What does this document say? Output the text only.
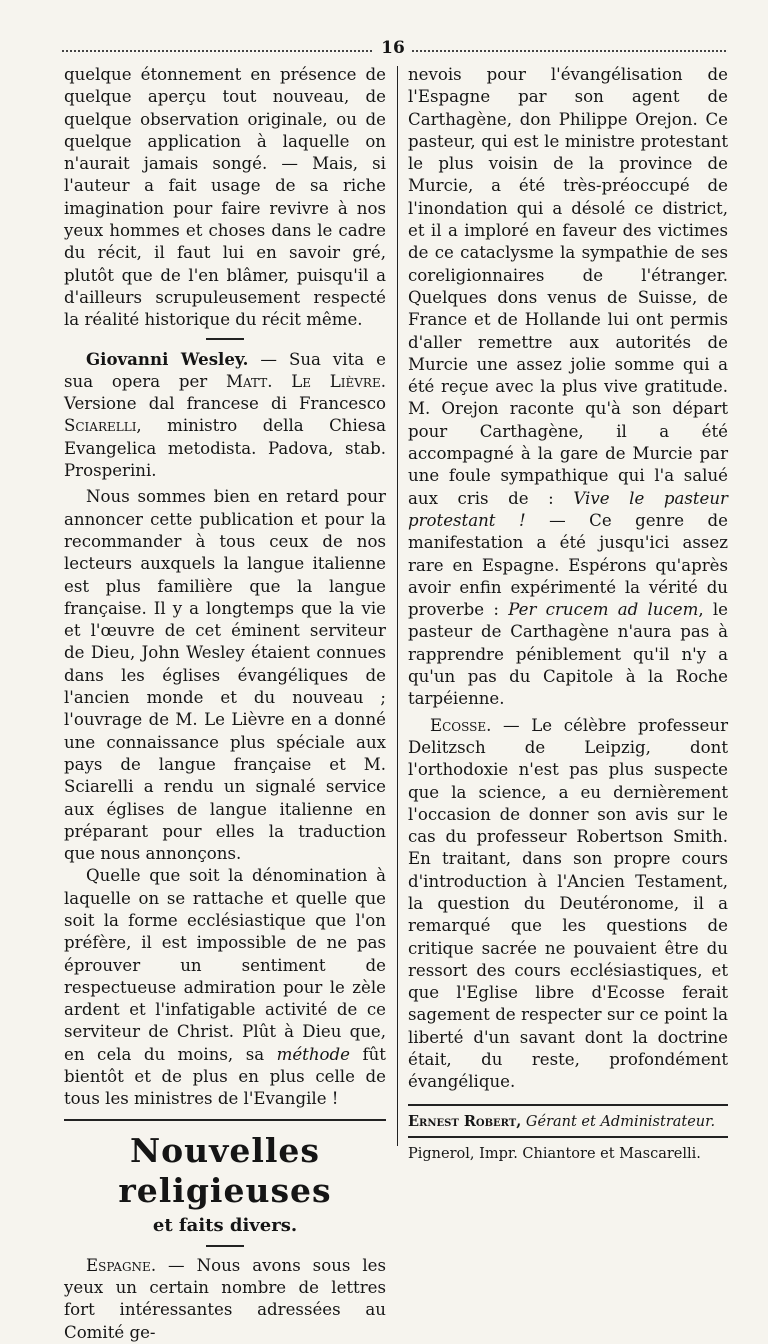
16

quelque étonnement en présence de quelque aperçu tout nouveau, de quelque observation originale, ou de quelque application à laquelle on n'aurait jamais songé. — Mais, si l'auteur a fait usage de sa riche imagination pour faire revivre à nos yeux hommes et choses dans le cadre du récit, il faut lui en savoir gré, plutôt que de l'en blâmer, puisqu'il a d'ailleurs scrupuleusement respecté la réalité historique du récit même.

Giovanni Wesley. — Sua vita e sua opera per Matt. Le Lièvre. Versione dal francese di Francesco Sciarelli, ministro della Chiesa Evangelica metodista. Padova, stab. Prosperini.

Nous sommes bien en retard pour annoncer cette publication et pour la recommander à tous ceux de nos lecteurs auxquels la langue italienne est plus familière que la langue française. Il y a longtemps que la vie et l'œuvre de cet éminent serviteur de Dieu, John Wesley étaient connues dans les églises évangéliques de l'ancien monde et du nouveau ; l'ouvrage de M. Le Lièvre en a donné une connaissance plus spéciale aux pays de langue française et M. Sciarelli a rendu un signalé service aux églises de langue italienne en préparant pour elles la traduction que nous annonçons.

Quelle que soit la dénomination à laquelle on se rattache et quelle que soit la forme ecclésiastique que l'on préfère, il est impossible de ne pas éprouver un sentiment de respectueuse admiration pour le zèle ardent et l'infatigable activité de ce serviteur de Christ. Plût à Dieu que, en cela du moins, sa méthode fût bientôt et de plus en plus celle de tous les ministres de l'Evangile !

Nouvelles religieuses
et faits divers.

Espagne. — Nous avons sous les yeux un certain nombre de lettres fort intéressantes adressées au Comité ge-

nevois pour l'évangélisation de l'Espagne par son agent de Carthagène, don Philippe Orejon. Ce pasteur, qui est le ministre protestant le plus voisin de la province de Murcie, a été très-préoccupé de l'inondation qui a désolé ce district, et il a imploré en faveur des victimes de ce cataclysme la sympathie de ses coreligionnaires de l'étranger. Quelques dons venus de Suisse, de France et de Hollande lui ont permis d'aller remettre aux autorités de Murcie une assez jolie somme qui a été reçue avec la plus vive gratitude. M. Orejon raconte qu'à son départ pour Carthagène, il a été accompagné à la gare de Murcie par une foule sympathique qui l'a salué aux cris de : Vive le pasteur protestant ! — Ce genre de manifestation a été jusqu'ici assez rare en Espagne. Espérons qu'après avoir enfin expérimenté la vérité du proverbe : Per crucem ad lucem, le pasteur de Carthagène n'aura pas à rapprendre péniblement qu'il n'y a qu'un pas du Capitole à la Roche tarpéienne.

Ecosse. — Le célèbre professeur Delitzsch de Leipzig, dont l'orthodoxie n'est pas plus suspecte que la science, a eu dernièrement l'occasion de donner son avis sur le cas du professeur Robertson Smith. En traitant, dans son propre cours d'introduction à l'Ancien Testament, la question du Deutéronome, il a remarqué que les questions de critique sacrée ne pouvaient être du ressort des cours ecclésiastiques, et que l'Eglise libre d'Ecosse ferait sagement de respecter sur ce point la liberté d'un savant dont la doctrine était, du reste, profondément évangélique.

Ernest Robert, Gérant et Administrateur.
Pignerol, Impr. Chiantore et Mascarelli.
